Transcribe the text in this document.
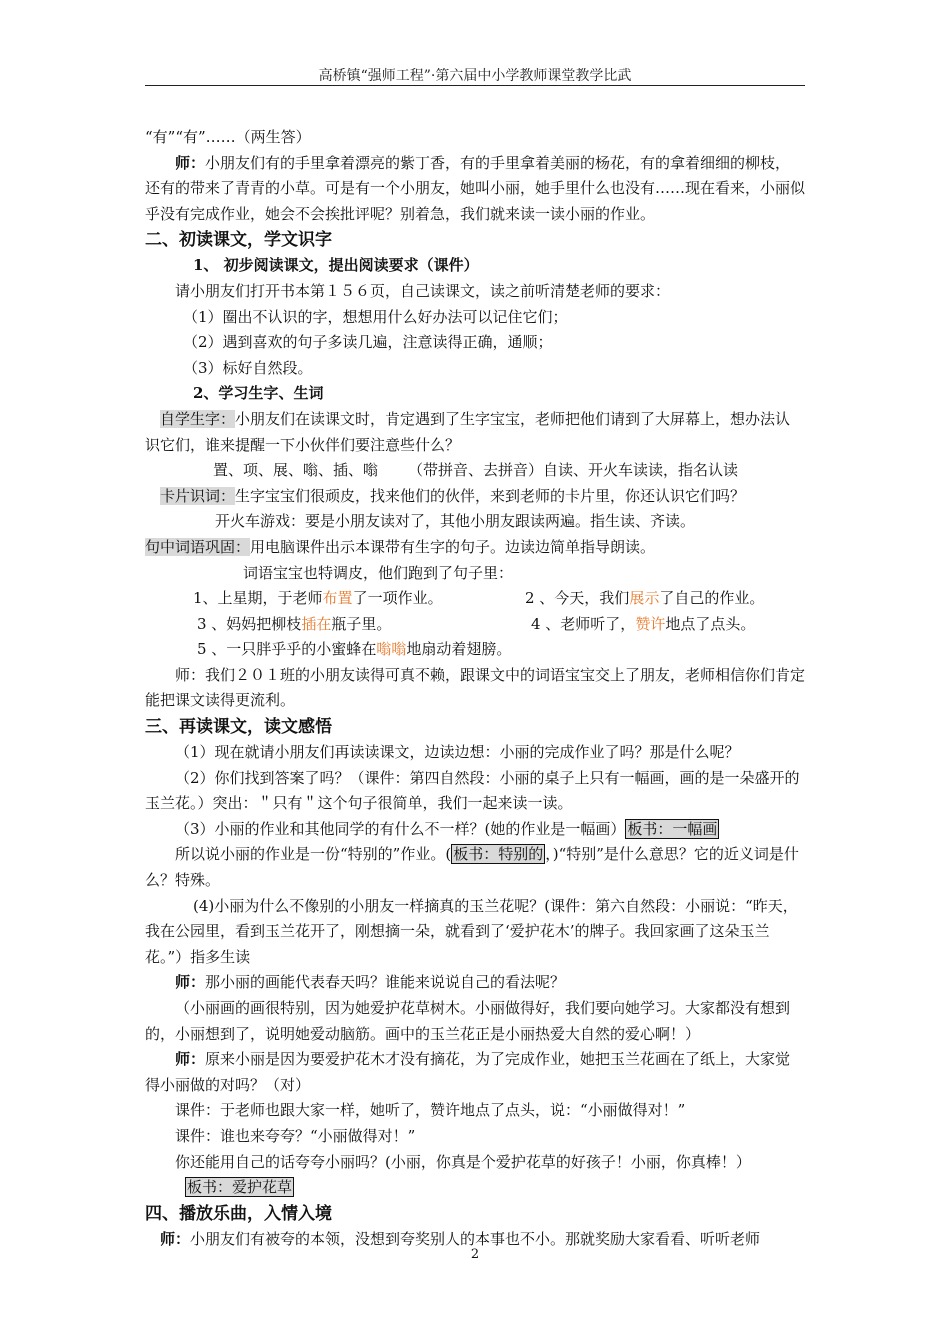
高桥镇“强师工程”·第六届中小学教师课堂教学比武

“有”“有”……（两生答）

师：小朋友们有的手里拿着漂亮的紫丁香，有的手里拿着美丽的杨花，有的拿着细细的柳枝，还有的带来了青青的小草。可是有一个小朋友，她叫小丽，她手里什么也没有……现在看来，小丽似乎没有完成作业，她会不会挨批评呢？别着急，我们就来读一读小丽的作业。

二、初读课文，学文识字

1、 初步阅读课文，提出阅读要求（课件）

请小朋友们打开书本第１５６页，自己读课文，读之前听清楚老师的要求：

（1）圈出不认识的字，想想用什么好办法可以记住它们；

（2）遇到喜欢的句子多读几遍，注意读得正确，通顺；

（3）标好自然段。

2、学习生字、生词

自学生字：小朋友们在读课文时，肯定遇到了生字宝宝，老师把他们请到了大屏幕上，想办法认识它们，谁来提醒一下小伙伴们要注意些什么？

置、项、展、嗡、插、嗡 （带拼音、去拼音）自读、开火车读读，指名认读

卡片识词：生字宝宝们很顽皮，找来他们的伙伴，来到老师的卡片里，你还认识它们吗？

开火车游戏：要是小朋友读对了，其他小朋友跟读两遍。指生读、齐读。

句中词语巩固：用电脑课件出示本课带有生字的句子。边读边简单指导朗读。

词语宝宝也特调皮，他们跑到了句子里：

1、上星期，于老师布置了一项作业。	2 、今天，我们展示了自己的作业。

3 、妈妈把柳枝插在瓶子里。	4 、老师听了，赞许地点了点头。

5 、一只胖乎乎的小蜜蜂在嗡嗡地扇动着翅膀。

师：我们２０１班的小朋友读得可真不赖，跟课文中的词语宝宝交上了朋友，老师相信你们肯定能把课文读得更流利。

三、再读课文，读文感悟

（1）现在就请小朋友们再读读课文，边读边想：小丽的完成作业了吗？那是什么呢？

（2）你们找到答案了吗？（课件：第四自然段：小丽的桌子上只有一幅画，画的是一朵盛开的玉兰花。）突出：＂只有＂这个句子很简单，我们一起来读一读。

（3）小丽的作业和其他同学的有什么不一样？(她的作业是一幅画） 板书：一幅画

所以说小丽的作业是一份“特别的”作业。( 板书：特别的 ，)“特别”是什么意思？它的近义词是什么？特殊。

(4)小丽为什么不像别的小朋友一样摘真的玉兰花呢？(课件：第六自然段：小丽说：“昨天，我在公园里，看到玉兰花开了，刚想摘一朵，就看到了‘爱护花木’的牌子。我回家画了这朵玉兰花。”）指多生读

师：那小丽的画能代表春天吗？谁能来说说自己的看法呢？

（小丽画的画很特别，因为她爱护花草树木。小丽做得好，我们要向她学习。大家都没有想到的，小丽想到了，说明她爱动脑筋。画中的玉兰花正是小丽热爱大自然的爱心啊！）

师：原来小丽是因为要爱护花木才没有摘花，为了完成作业，她把玉兰花画在了纸上，大家觉得小丽做的对吗？（对）

课件：于老师也跟大家一样，她听了，赞许地点了点头，说：“小丽做得对！”

课件：谁也来夸夸？“小丽做得对！”

你还能用自己的话夸夸小丽吗？(小丽，你真是个爱护花草的好孩子！小丽，你真棒！）

板书：爱护花草

四、播放乐曲，入情入境

师：小朋友们有被夸的本领，没想到夸奖别人的本事也不小。那就奖励大家看看、听听老师

2
